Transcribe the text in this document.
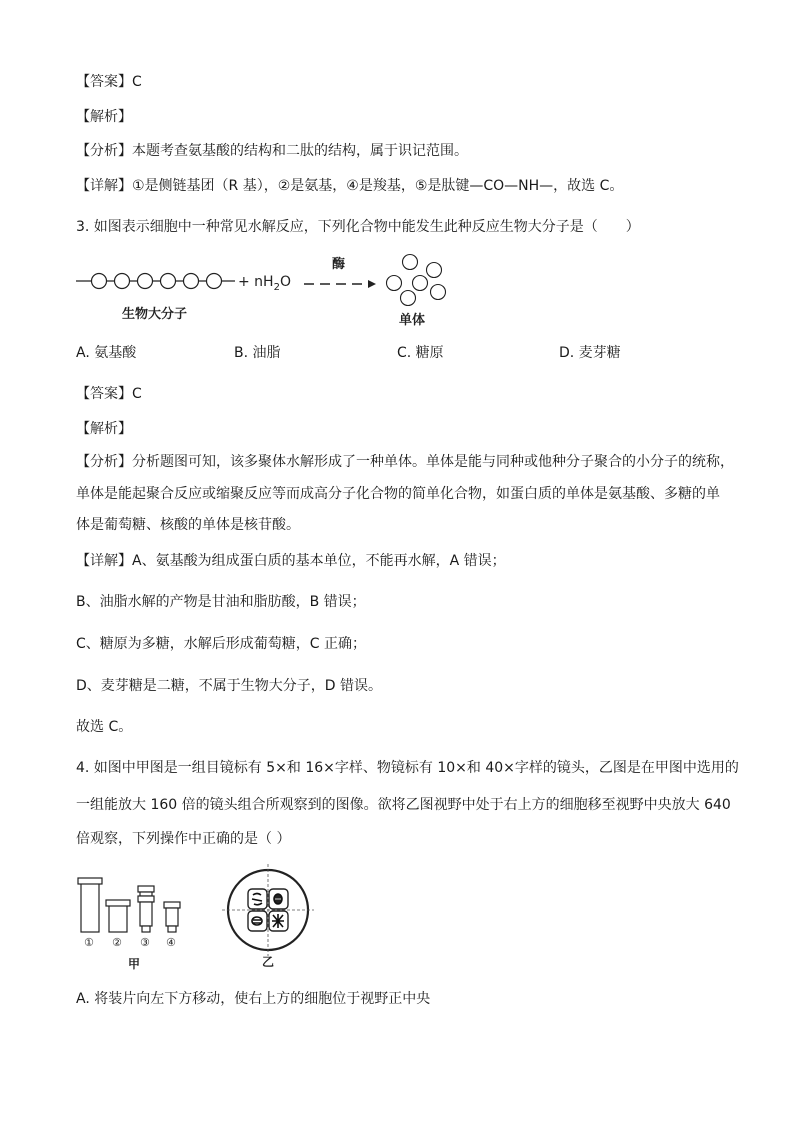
【答案】C
【解析】
【分析】本题考查氨基酸的结构和二肽的结构，属于识记范围。
【详解】①是侧链基团（R 基），②是氨基，④是羧基，⑤是肽键—CO—NH—，故选 C。
3. 如图表示细胞中一种常见水解反应，下列化合物中能发生此种反应生物大分子是（　　）
+ $nH_2O$
生物大分子
酶
单体
A. 氨基酸	B. 油脂	C. 糖原	D. 麦芽糖
【答案】C
【解析】
【分析】分析题图可知，该多聚体水解形成了一种单体。单体是能与同种或他种分子聚合的小分子的统称，
单体是能起聚合反应或缩聚反应等而成高分子化合物的简单化合物，如蛋白质的单体是氨基酸、多糖的单
体是葡萄糖、核酸的单体是核苷酸。
【详解】A、氨基酸为组成蛋白质的基本单位，不能再水解，A 错误；
B、油脂水解的产物是甘油和脂肪酸，B 错误；
C、糖原为多糖，水解后形成葡萄糖，C 正确；
D、麦芽糖是二糖，不属于生物大分子，D 错误。
故选 C。
4. 如图中甲图是一组目镜标有 5×和 16×字样、物镜标有 10×和 40×字样的镜头，乙图是在甲图中选用的
一组能放大 160 倍的镜头组合所观察到的图像。欲将乙图视野中处于右上方的细胞移至视野中央放大 640
倍观察，下列操作中正确的是（ ）
① ② ③ ④
甲	乙
A. 将装片向左下方移动，使右上方的细胞位于视野正中央
